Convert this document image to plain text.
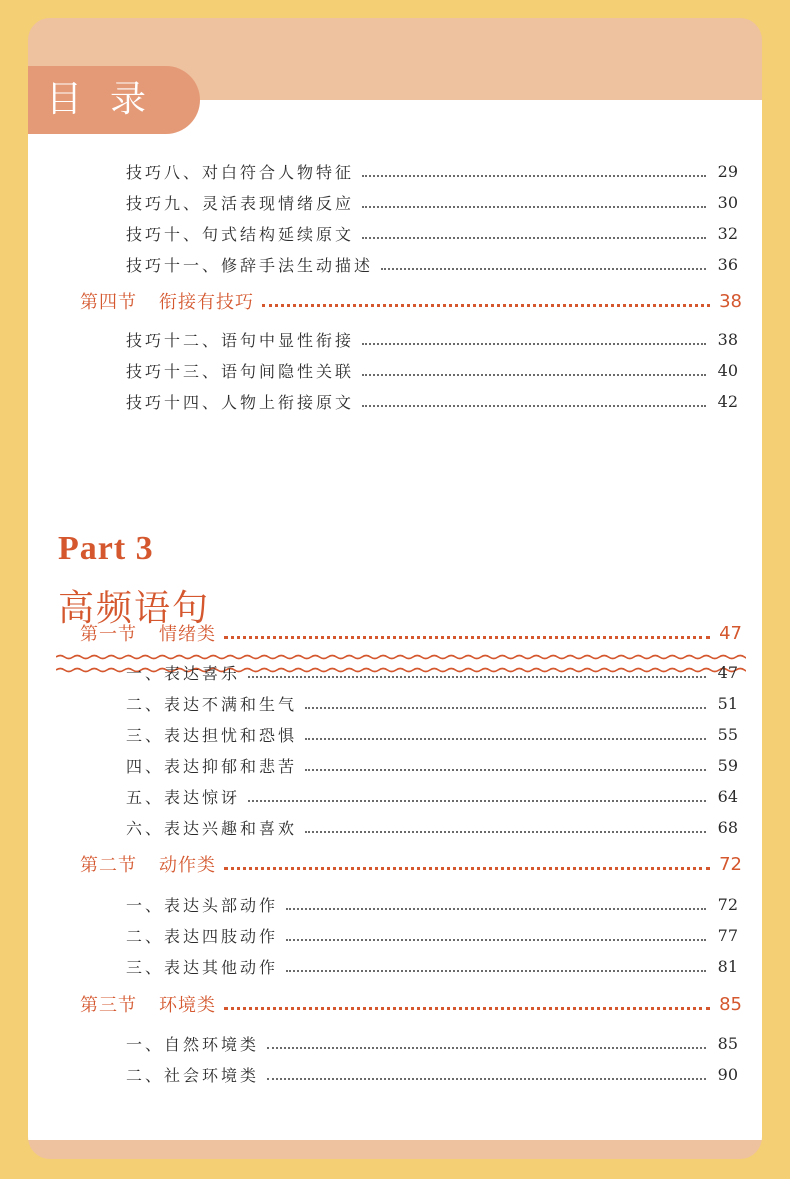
技巧八、对白符合人物特征	29
技巧九、灵活表现情绪反应	30
技巧十、句式结构延续原文	32
技巧十一、修辞手法生动描述	36
第四节 衔接有技巧	38
技巧十二、语句中显性衔接	38
技巧十三、语句间隐性关联	40
技巧十四、人物上衔接原文	42
Part 3
高频语句
第一节 情绪类	47
一、表达喜乐	47
二、表达不满和生气	51
三、表达担忧和恐惧	55
四、表达抑郁和悲苦	59
五、表达惊讶	64
六、表达兴趣和喜欢	68
第二节 动作类	72
一、表达头部动作	72
二、表达四肢动作	77
三、表达其他动作	81
第三节 环境类	85
一、自然环境类	85
二、社会环境类	90
目录
